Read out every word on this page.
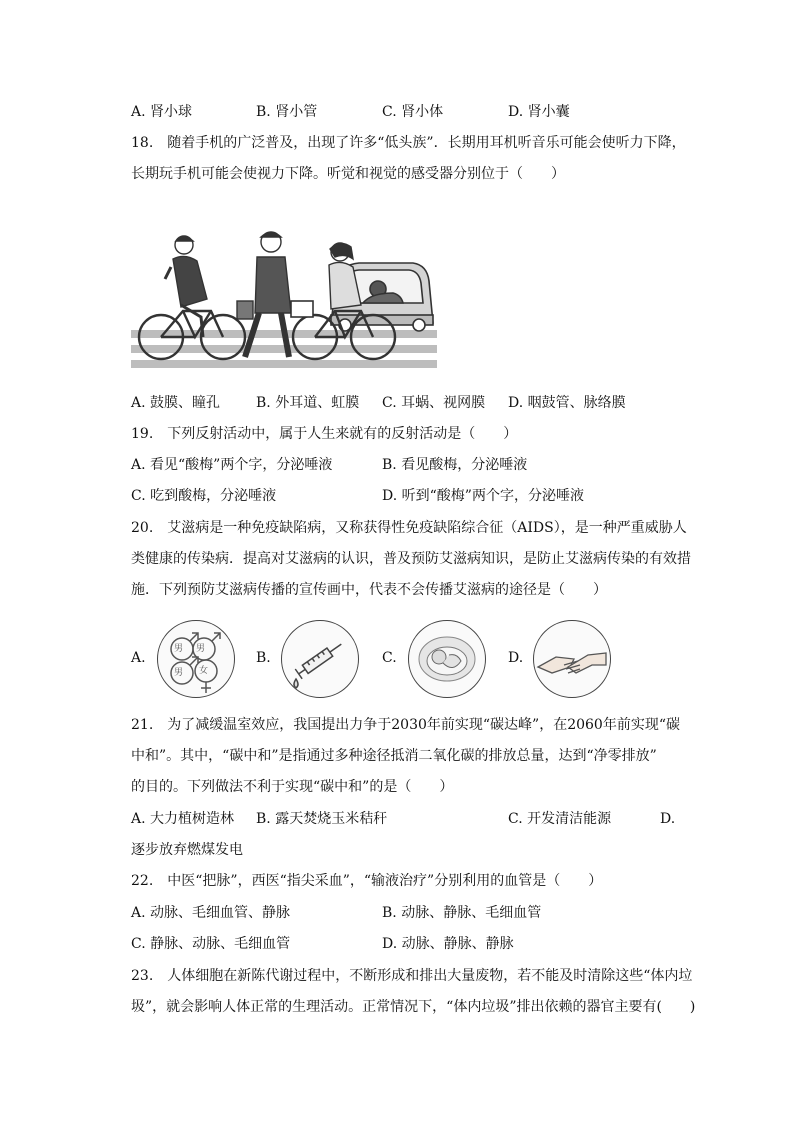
A. 肾小球	B. 肾小管	C. 肾小体	D. 肾小囊
18.　随着手机的广泛普及，出现了许多“低头族”．长期用耳机听音乐可能会使听力下降，
长期玩手机可能会使视力下降。听觉和视觉的感受器分别位于（　　）
A. 鼓膜、瞳孔	B. 外耳道、虹膜 C. 耳蜗、视网膜 D. 咽鼓管、脉络膜
19.　下列反射活动中，属于人生来就有的反射活动是（　　）
A. 看见“酸梅”两个字，分泌唾液	B. 看见酸梅，分泌唾液
C. 吃到酸梅，分泌唾液	D. 听到“酸梅”两个字，分泌唾液
20.　艾滋病是一种免疫缺陷病，又称获得性免疫缺陷综合征（AIDS），是一种严重威胁人
类健康的传染病．提高对艾滋病的认识，普及预防艾滋病知识，是防止艾滋病传染的有效措
施．下列预防艾滋病传播的宣传画中，代表不会传播艾滋病的途径是（　　）
A.
男 男
男 女
B.	C.	D.
21.　为了减缓温室效应，我国提出力争于2030年前实现“碳达峰”，在2060年前实现“碳
中和”。其中，“碳中和”是指通过多种途径抵消二氧化碳的排放总量，达到“净零排放”
的目的。下列做法不利于实现“碳中和”的是（　　）
A. 大力植树造林 B. 露天焚烧玉米秸秆	C. 开发清洁能源	D.
逐步放弃燃煤发电
22.　中医“把脉”，西医“指尖采血”，“输液治疗”分别利用的血管是（　　）
A. 动脉、毛细血管、静脉	B. 动脉、静脉、毛细血管
C. 静脉、动脉、毛细血管	D. 动脉、静脉、静脉
23.　人体细胞在新陈代谢过程中，不断形成和排出大量废物，若不能及时清除这些“体内垃
圾”，就会影响人体正常的生理活动。正常情况下，“体内垃圾”排出依赖的器官主要有(　　)
